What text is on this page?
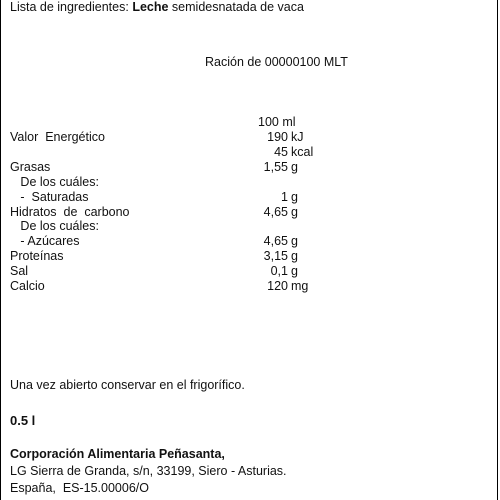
Lista de ingredientes: Leche semidesnatada de vaca
Ración de 00000100 MLT
100 ml
Valor  Energético	190 kJ
45 kcal
Grasas	1,55 g
De los cuáles:
-  Saturadas	1 g
Hidratos  de  carbono	4,65 g
De los cuáles:
- Azúcares	4,65 g
Proteínas	3,15 g
Sal	0,1 g
Calcio	120 mg
Una vez abierto conservar en el frigorífico.
0.5 l
Corporación Alimentaria Peñasanta,
LG Sierra de Granda, s/n, 33199, Siero - Asturias.
España,  ES-15.00006/O
